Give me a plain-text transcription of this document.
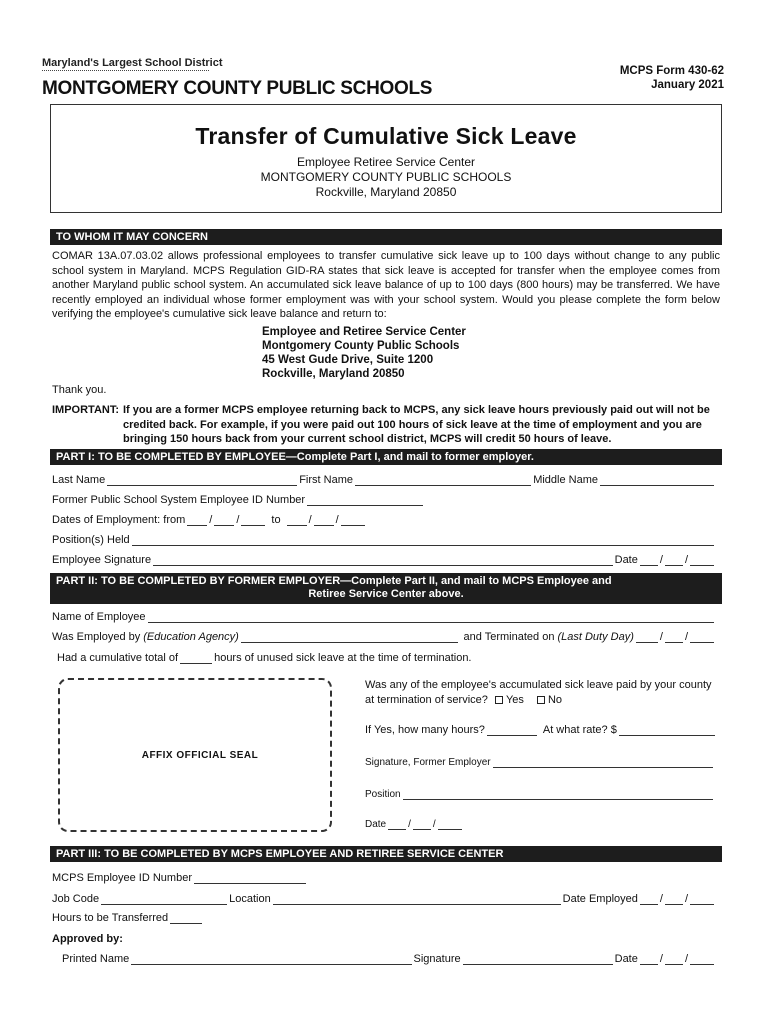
Maryland's Largest School District
MONTGOMERY COUNTY PUBLIC SCHOOLS
MCPS Form 430-62
January 2021
Transfer of Cumulative Sick Leave
Employee Retiree Service Center
MONTGOMERY COUNTY PUBLIC SCHOOLS
Rockville, Maryland 20850
TO WHOM IT MAY CONCERN
COMAR 13A.07.03.02 allows professional employees to transfer cumulative sick leave up to 100 days without change to any public school system in Maryland. MCPS Regulation GID-RA states that sick leave is accepted for transfer when the employee comes from another Maryland public school system. An accumulated sick leave balance of up to 100 days (800 hours) may be transferred. We have recently employed an individual whose former employment was with your school system. Would you please complete the form below verifying the employee's cumulative sick leave balance and return to:
Employee and Retiree Service Center
Montgomery County Public Schools
45 West Gude Drive, Suite 1200
Rockville, Maryland 20850
Thank you.
IMPORTANT: If you are a former MCPS employee returning back to MCPS, any sick leave hours previously paid out will not be credited back. For example, if you were paid out 100 hours of sick leave at the time of employment and you are bringing 150 hours back from your current school district, MCPS will credit 50 hours of leave.
PART I: TO BE COMPLETED BY EMPLOYEE—Complete Part I, and mail to former employer.
Last Name	First Name	Middle Name
Former Public School System Employee ID Number
Dates of Employment: from / /	to	/ /
Position(s) Held
Employee Signature	Date / /
PART II: TO BE COMPLETED BY FORMER EMPLOYER—Complete Part II, and mail to MCPS Employee and
Retiree Service Center above.
Name of Employee
Was Employed by (Education Agency)	and Terminated on (Last Duty Day) / /
Had a cumulative total of	hours of unused sick leave at the time of termination.
AFFIX OFFICIAL SEAL
Was any of the employee's accumulated sick leave paid by your county at termination of service? Yes No
If Yes, how many hours?	At what rate? $
Signature, Former Employer
Position
Date / /
PART III: TO BE COMPLETED BY MCPS EMPLOYEE AND RETIREE SERVICE CENTER
MCPS Employee ID Number
Job Code	Location	Date Employed / /
Hours to be Transferred
Approved by:
Printed Name	Signature	Date / /
